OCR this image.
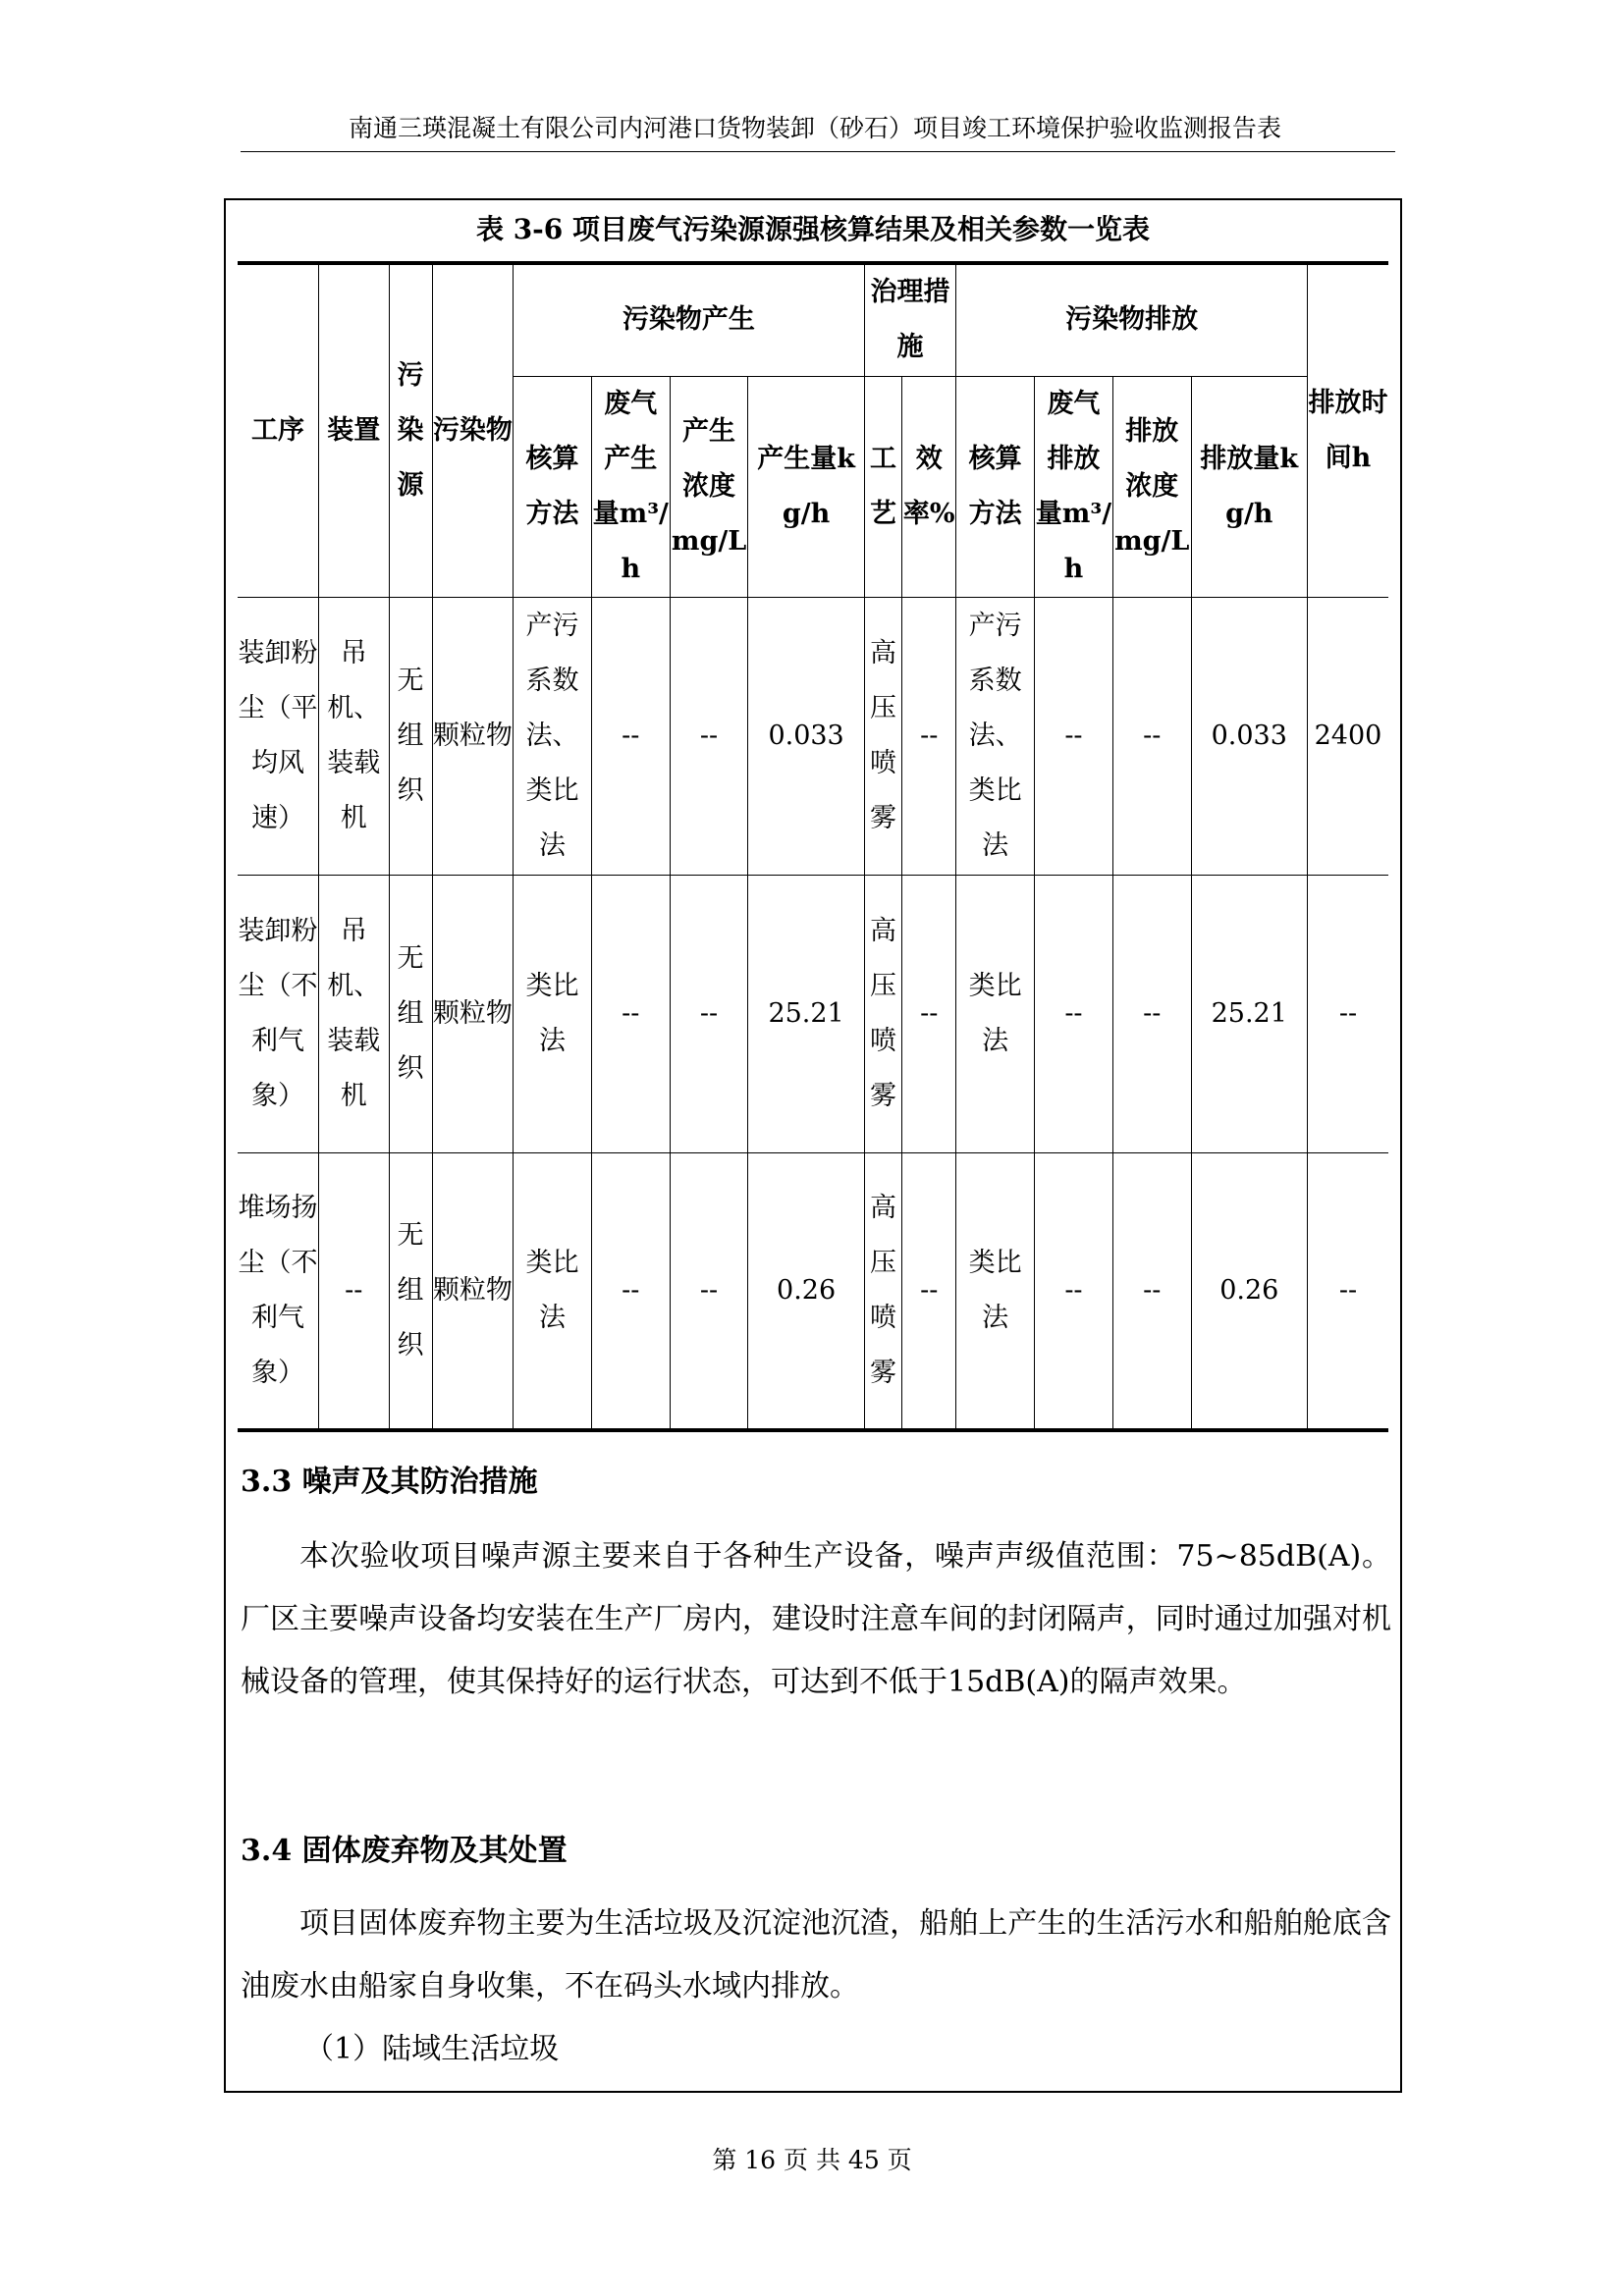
南通三瑛混凝土有限公司内河港口货物装卸（砂石）项目竣工环境保护验收监测报告表
表 3-6 项目废气污染源源强核算结果及相关参数一览表
工序	装置	污染源	污染物	污染物产生				治理措施		污染物排放				排放时间h
				核算方法	废气产生量m³/h	产生浓度mg/L	产生量kg/h	工艺	效率%	核算方法	废气排放量m³/h	排放浓度mg/L	排放量kg/h	
装卸粉尘（平均风速）	吊机、装载机	无组织	颗粒物	产污系数法、类比法	--	--	0.033	高压喷雾	--	产污系数法、类比法	--	--	0.033	2400
装卸粉尘（不利气象）	吊机、装载机	无组织	颗粒物	类比法	--	--	25.21	高压喷雾	--	类比法	--	--	25.21	--
堆场扬尘（不利气象）	--	无组织	颗粒物	类比法	--	--	0.26	高压喷雾	--	类比法	--	--	0.26	--
3.3 噪声及其防治措施
本次验收项目噪声源主要来自于各种生产设备，噪声声级值范围：75~85dB(A)。厂区主要噪声设备均安装在生产厂房内，建设时注意车间的封闭隔声，同时通过加强对机械设备的管理，使其保持好的运行状态，可达到不低于15dB(A)的隔声效果。
3.4 固体废弃物及其处置
项目固体废弃物主要为生活垃圾及沉淀池沉渣，船舶上产生的生活污水和船舶舱底含油废水由船家自身收集，不在码头水域内排放。
（1）陆域生活垃圾
第 16 页 共 45 页
